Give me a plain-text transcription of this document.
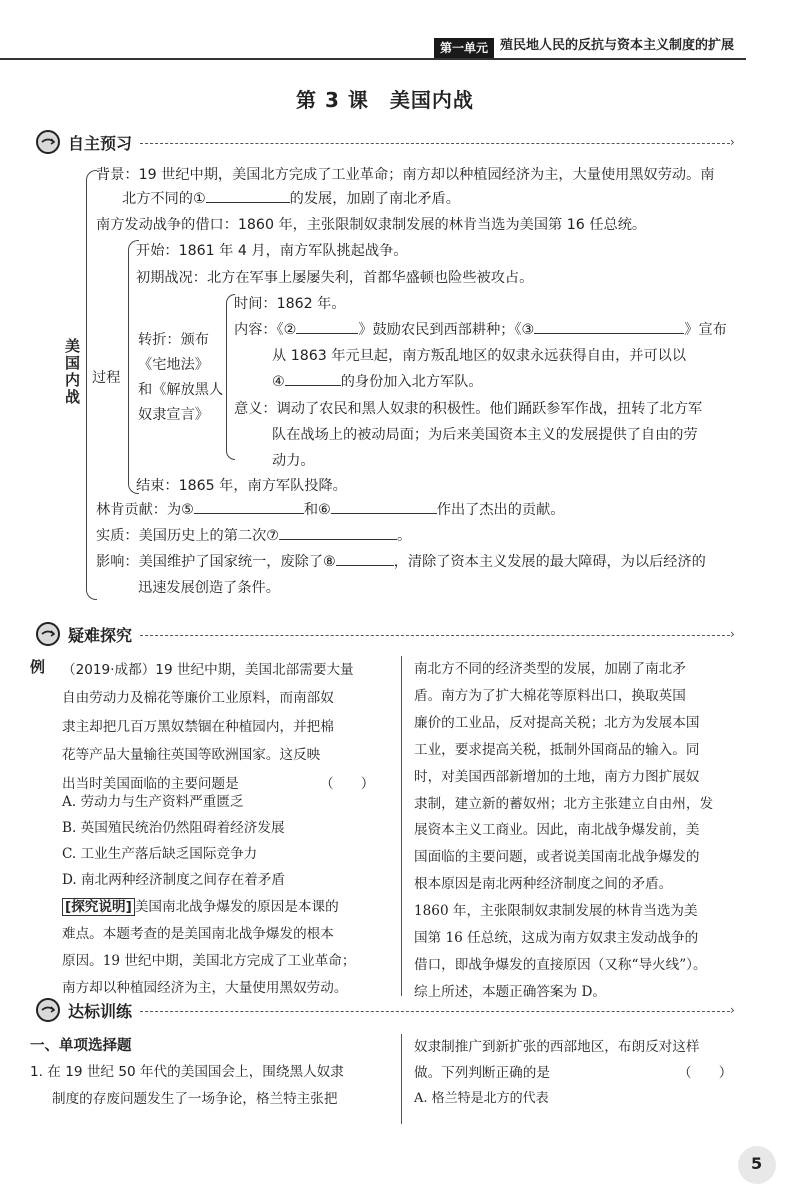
第一单元 殖民地人民的反抗与资本主义制度的扩展
第 3 课　美国内战
自主预习	›
美国内战 过程
背景：19 世纪中期，美国北方完成了工业革命；南方却以种植园经济为主，大量使用黑奴劳动。南
北方不同的①	的发展，加剧了南北矛盾。
南方发动战争的借口：1860 年，主张限制奴隶制发展的林肯当选为美国第 16 任总统。
开始：1861 年 4 月，南方军队挑起战争。
初期战况：北方在军事上屡屡失利，首都华盛顿也险些被攻占。
转折：颁布
《宅地法》
和《解放黑人
奴隶宣言》
时间：1862 年。
内容：《②	》鼓励农民到西部耕种；《③	》宣布
从 1863 年元旦起，南方叛乱地区的奴隶永远获得自由，并可以以
④	的身份加入北方军队。
意义：调动了农民和黑人奴隶的积极性。他们踊跃参军作战，扭转了北方军
队在战场上的被动局面；为后来美国资本主义的发展提供了自由的劳
动力。
结束：1865 年，南方军队投降。
林肯贡献：为⑤	和⑥	作出了杰出的贡献。
实质：美国历史上的第二次⑦	。
影响：美国维护了国家统一，废除了⑧	，清除了资本主义发展的最大障碍，为以后经济的
迅速发展创造了条件。
疑难探究	›
例 （2019·成都）19 世纪中期，美国北部需要大量
自由劳动力及棉花等廉价工业原料，而南部奴
隶主却把几百万黑奴禁锢在种植园内，并把棉
花等产品大量输往英国等欧洲国家。这反映
出当时美国面临的主要问题是	（　　）
A. 劳动力与生产资料严重匮乏
B. 英国殖民统治仍然阻碍着经济发展
C. 工业生产落后缺乏国际竞争力
D. 南北两种经济制度之间存在着矛盾
[探究说明] 美国南北战争爆发的原因是本课的
难点。本题考查的是美国南北战争爆发的根本
原因。19 世纪中期，美国北方完成了工业革命；
南方却以种植园经济为主，大量使用黑奴劳动。
南北方不同的经济类型的发展，加剧了南北矛
盾。南方为了扩大棉花等原料出口，换取英国
廉价的工业品，反对提高关税；北方为发展本国
工业，要求提高关税，抵制外国商品的输入。同
时，对美国西部新增加的土地，南方力图扩展奴
隶制，建立新的蓄奴州；北方主张建立自由州，发
展资本主义工商业。因此，南北战争爆发前，美
国面临的主要问题，或者说美国南北战争爆发的
根本原因是南北两种经济制度之间的矛盾。
1860 年，主张限制奴隶制发展的林肯当选为美
国第 16 任总统，这成为南方奴隶主发动战争的
借口，即战争爆发的直接原因（又称“导火线”）。
综上所述，本题正确答案为 D。
达标训练	›
一、单项选择题
1. 在 19 世纪 50 年代的美国国会上，围绕黑人奴隶
制度的存废问题发生了一场争论，格兰特主张把
奴隶制推广到新扩张的西部地区，布朗反对这样
做。下列判断正确的是	（　　）
A. 格兰特是北方的代表
5
